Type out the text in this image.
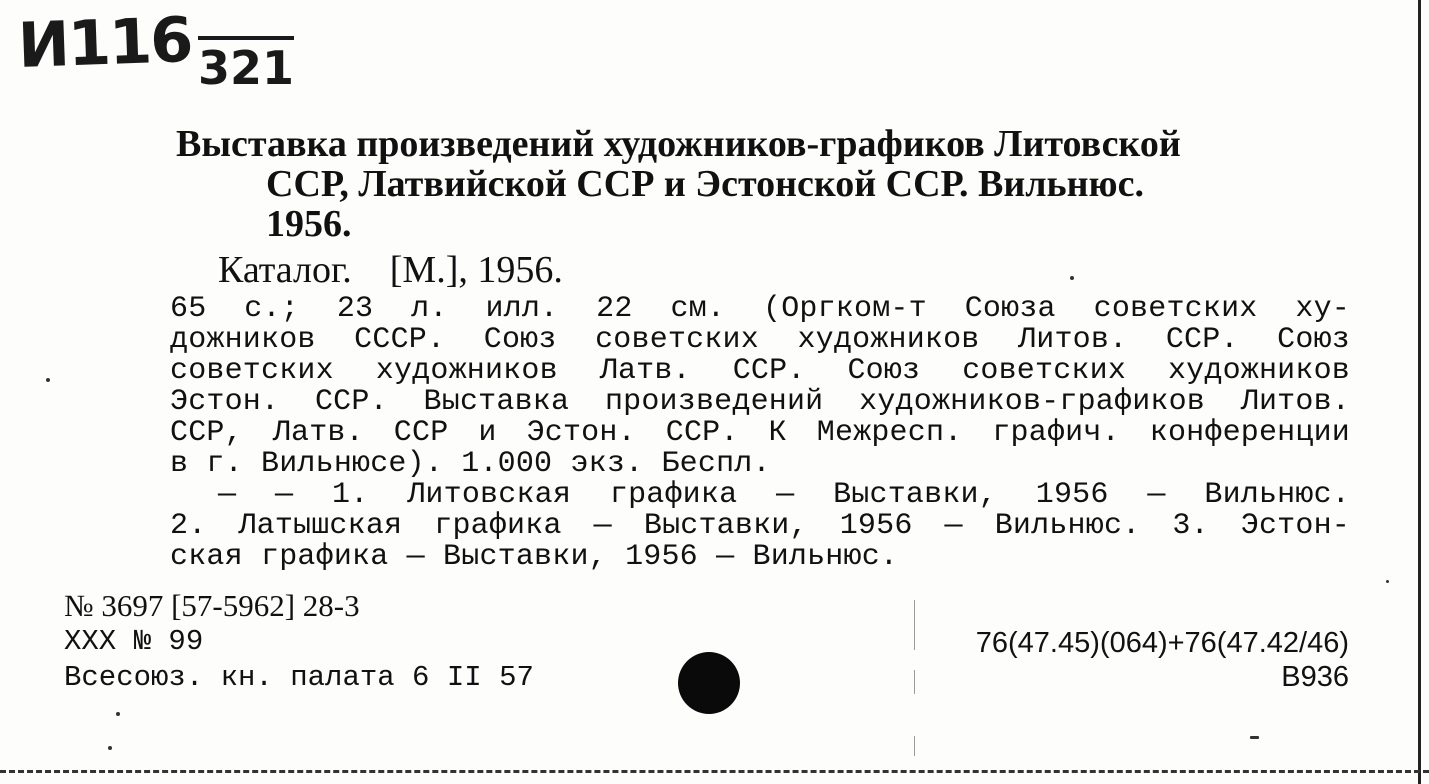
И116 321
Выставка произведений художников-графиков Литовской
ССР, Латвийской ССР и Эстонской ССР. Вильнюс.
1956.
Каталог.    [М.], 1956.
65 с.; 23 л. илл. 22 см. (Оргком-т Союза советских ху-
дожников СССР. Союз советских художников Литов. ССР. Союз
советских художников Латв. ССР. Союз советских художников
Эстон. ССР. Выставка произведений художников-графиков Литов.
ССР, Латв. ССР и Эстон. ССР. К Межресп. графич. конференции
в г. Вильнюсе). 1.000 экз. Беспл.
— — 1. Литовская графика — Выставки, 1956 — Вильнюс.
2. Латышская графика — Выставки, 1956 — Вильнюс. 3. Эстон-
ская графика — Выставки, 1956 — Вильнюс.
№ 3697 [57-5962] 28-3
XXX № 99
Всесоюз. кн. палата 6 II 57
76(47.45)(064)+76(47.42/46)
В936
